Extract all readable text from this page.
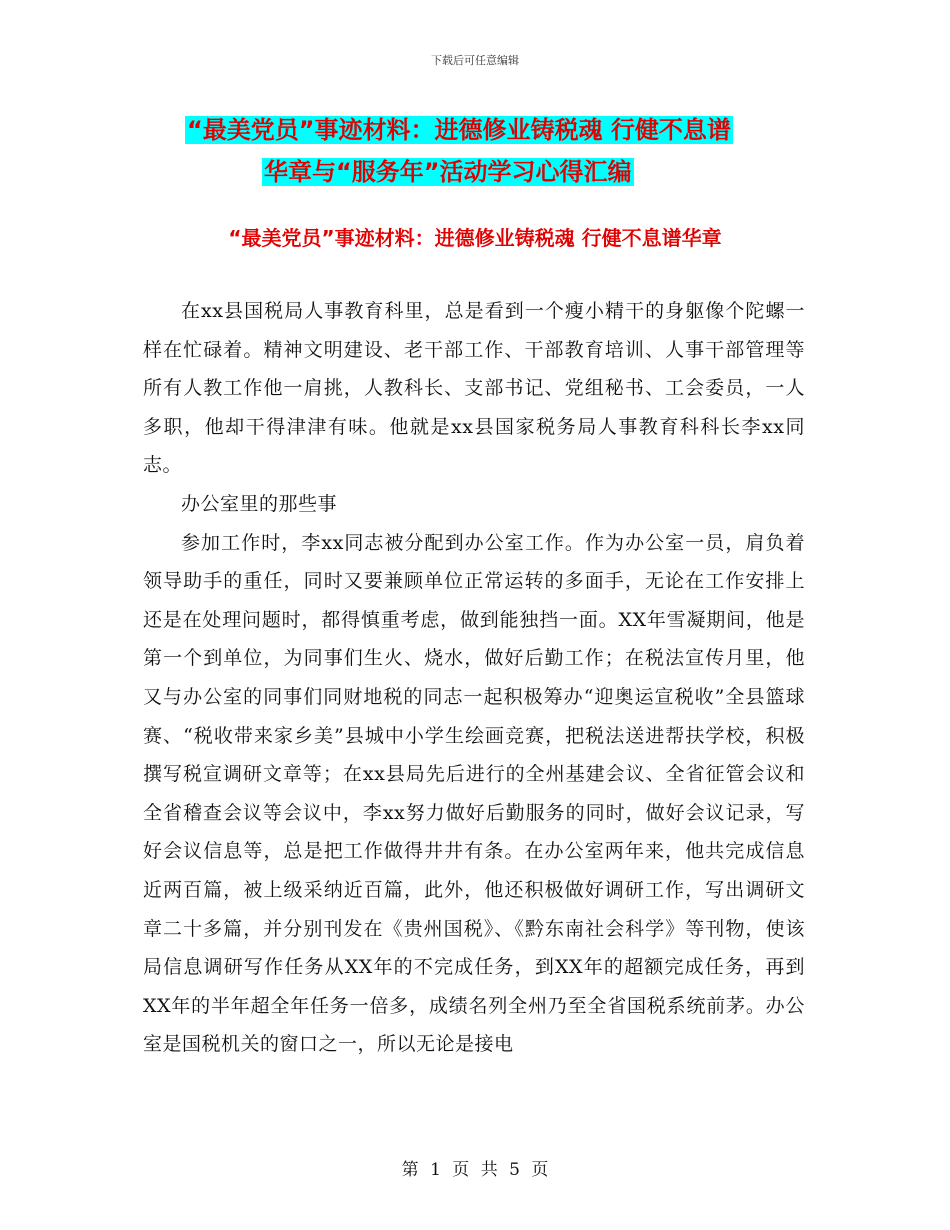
下载后可任意编辑
“最美党员”事迹材料：进德修业铸税魂 行健不息谱
华章与“服务年”活动学习心得汇编
“最美党员”事迹材料：进德修业铸税魂 行健不息谱华章

在xx县国税局人事教育科里，总是看到一个瘦小精干的身躯像个陀螺一样在忙碌着。精神文明建设、老干部工作、干部教育培训、人事干部管理等所有人教工作他一肩挑，人教科长、支部书记、党组秘书、工会委员，一人多职，他却干得津津有味。他就是xx县国家税务局人事教育科科长李xx同志。

办公室里的那些事

参加工作时，李xx同志被分配到办公室工作。作为办公室一员，肩负着领导助手的重任，同时又要兼顾单位正常运转的多面手，无论在工作安排上还是在处理问题时，都得慎重考虑，做到能独挡一面。XX年雪凝期间，他是第一个到单位，为同事们生火、烧水，做好后勤工作；在税法宣传月里，他又与办公室的同事们同财地税的同志一起积极筹办“迎奥运宣税收”全县篮球赛、“税收带来家乡美”县城中小学生绘画竞赛，把税法送进帮扶学校，积极撰写税宣调研文章等；在xx县局先后进行的全州基建会议、全省征管会议和全省稽查会议等会议中，李xx努力做好后勤服务的同时，做好会议记录，写好会议信息等，总是把工作做得井井有条。在办公室两年来，他共完成信息近两百篇，被上级采纳近百篇，此外，他还积极做好调研工作，写出调研文章二十多篇，并分别刊发在《贵州国税》、《黔东南社会科学》等刊物，使该局信息调研写作任务从XX年的不完成任务，到XX年的超额完成任务，再到XX年的半年超全年任务一倍多，成绩名列全州乃至全省国税系统前茅。办公室是国税机关的窗口之一，所以无论是接电

第 1 页 共 5 页
